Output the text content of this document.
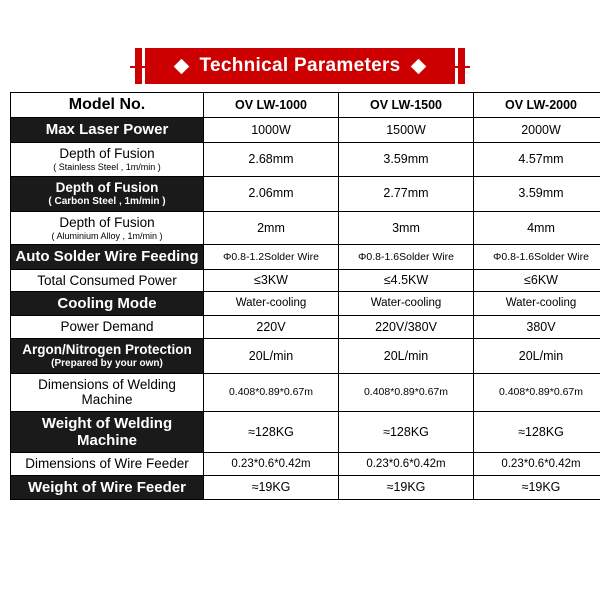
Technical Parameters
Model No.	OV LW-1000	OV LW-1500	OV LW-2000

Max Laser Power	1000W	1500W	2000W

Depth of Fusion
( Stainless Steel , 1m/min )	2.68mm	3.59mm	4.57mm

Depth of Fusion
( Carbon Steel , 1m/min )	2.06mm	2.77mm	3.59mm

Depth of Fusion
( Aluminium Alloy , 1m/min )	2mm	3mm	4mm

Auto Solder Wire Feeding	Φ0.8-1.2Solder Wire	Φ0.8-1.6Solder Wire	Φ0.8-1.6Solder Wire

Total Consumed Power	≤3KW	≤4.5KW	≤6KW

Cooling Mode	Water-cooling	Water-cooling	Water-cooling

Power Demand	220V	220V/380V	380V

Argon/Nitrogen Protection
(Prepared by your own)	20L/min	20L/min	20L/min

Dimensions of Welding Machine	0.408*0.89*0.67m	0.408*0.89*0.67m	0.408*0.89*0.67m

Weight of Welding Machine	≈128KG	≈128KG	≈128KG

Dimensions of Wire Feeder	0.23*0.6*0.42m	0.23*0.6*0.42m	0.23*0.6*0.42m

Weight of Wire Feeder	≈19KG	≈19KG	≈19KG
